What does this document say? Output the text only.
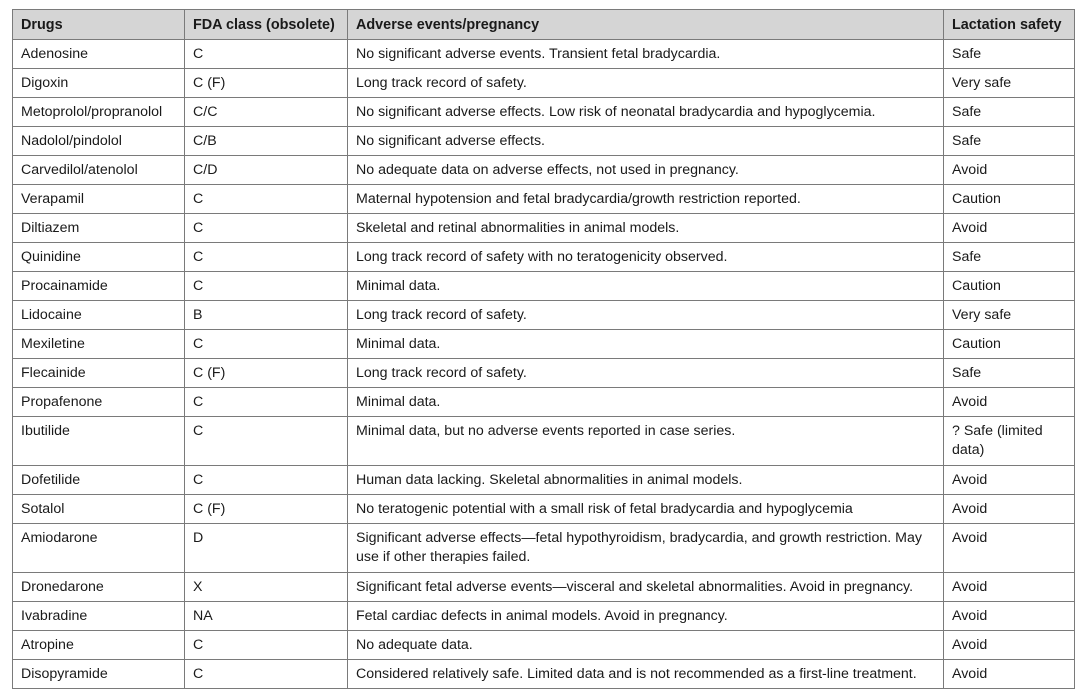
Drugs	FDA class (obsolete)	Adverse events/pregnancy	Lactation safety
Adenosine	C	No significant adverse events. Transient fetal bradycardia.	Safe
Digoxin	C (F)	Long track record of safety.	Very safe
Metoprolol/propranolol	C/C	No significant adverse effects. Low risk of neonatal bradycardia and hypoglycemia.	Safe
Nadolol/pindolol	C/B	No significant adverse effects.	Safe
Carvedilol/atenolol	C/D	No adequate data on adverse effects, not used in pregnancy.	Avoid
Verapamil	C	Maternal hypotension and fetal bradycardia/growth restriction reported.	Caution
Diltiazem	C	Skeletal and retinal abnormalities in animal models.	Avoid
Quinidine	C	Long track record of safety with no teratogenicity observed.	Safe
Procainamide	C	Minimal data.	Caution
Lidocaine	B	Long track record of safety.	Very safe
Mexiletine	C	Minimal data.	Caution
Flecainide	C (F)	Long track record of safety.	Safe
Propafenone	C	Minimal data.	Avoid
Ibutilide	C	Minimal data, but no adverse events reported in case series.	? Safe (limited data)
Dofetilide	C	Human data lacking. Skeletal abnormalities in animal models.	Avoid
Sotalol	C (F)	No teratogenic potential with a small risk of fetal bradycardia and hypoglycemia	Avoid
Amiodarone	D	Significant adverse effects—fetal hypothyroidism, bradycardia, and growth restriction. May use if other therapies failed.	Avoid
Dronedarone	X	Significant fetal adverse events—visceral and skeletal abnormalities. Avoid in pregnancy.	Avoid
Ivabradine	NA	Fetal cardiac defects in animal models. Avoid in pregnancy.	Avoid
Atropine	C	No adequate data.	Avoid
Disopyramide	C	Considered relatively safe. Limited data and is not recommended as a first-line treatment.	Avoid
